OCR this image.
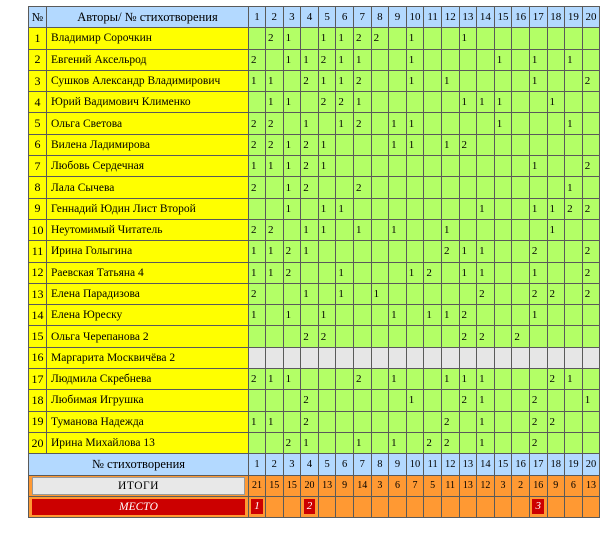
№	Авторы/ № стихотворения	1	2	3	4	5	6	7	8	9	10	11	12	13	14	15	16	17	18	19	20
1	Владимир Сорочкин		2	1		1	1	2	2		1			1							
2	Евгений Аксельрод	2		1	1	2	1	1			1					1		1		1	
3	Сушков Александр Владимирович	1	1		2	1	1	2			1		1					1			2
4	Юрий Вадимович Клименко		1	1		2	2	1						1	1	1			1		
5	Ольга Светова	2	2		1		1	2		1	1					1				1	
6	Вилена Ладимирова	2	2	1	2	1				1	1		1	2							
7	Любовь Сердечная	1	1	1	2	1												1			2
8	Лала Сычева	2		1	2			2												1	
9	Геннадий Юдин Лист Второй			1		1	1								1			1	1	2	2
10	Неутомимый Читатель	2	2		1	1		1		1			1						1		
11	Ирина Голыгина	1	1	2	1								2	1	1			2			2
12	Раевская Татьяна 4	1	1	2			1				1	2		1	1			1			2
13	Елена Парадизова	2			1		1		1						2			2	2		2
14	Елена Юреску	1		1		1				1		1	1	2				1			
15	Ольга Черепанова 2				2	2								2	2		2				
16	Маргарита Москвичёва 2																				
17	Людмила Скребнева	2	1	1				2		1			1	1	1				2	1	
18	Любимая Игрушка				2						1			2	1			2			1
19	Туманова Надежда	1	1		2								2		1			2	2		
20	Ирина Михайлова 13			2	1			1		1		2	2		1			2			
№ стихотворения		1	2	3	4	5	6	7	8	9	10	11	12	13	14	15	16	17	18	19	20

ИТОГИ		21	15	15	20	13	9	14	3	6	7	5	11	13	12	3	2	16	9	6	13

МЕСТО		1			2													3			
